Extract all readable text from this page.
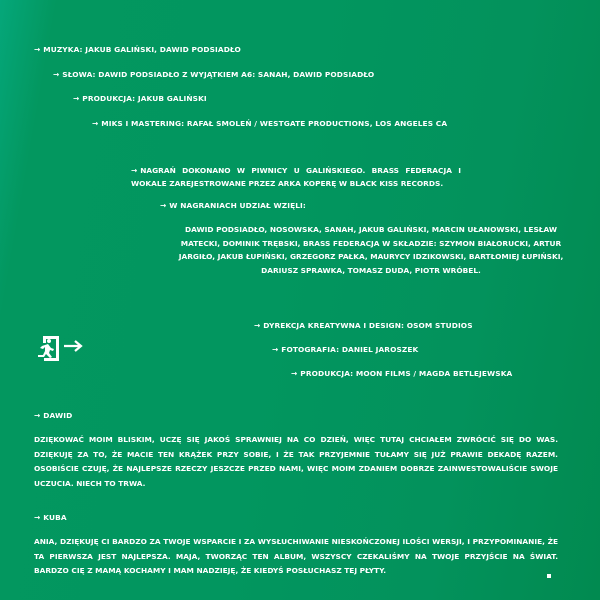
→ MUZYKA: JAKUB GALIŃSKI, DAWID PODSIADŁO
→ SŁOWA: DAWID PODSIADŁO Z WYJĄTKIEM A6: SANAH, DAWID PODSIADŁO
→ PRODUKCJA: JAKUB GALIŃSKI
→ MIKS I MASTERING: RAFAŁ SMOLEŃ / WESTGATE PRODUCTIONS, LOS ANGELES CA
→ NAGRAŃ DOKONANO W PIWNICY U GALIŃSKIEGO. BRASS FEDERACJA I WOKALE ZAREJESTROWANE PRZEZ ARKA KOPERĘ W BLACK KISS RECORDS.
→ W NAGRANIACH UDZIAŁ WZIĘLI:
DAWID PODSIADŁO, NOSOWSKA, SANAH, JAKUB GALIŃSKI, MARCIN UŁANOWSKI, LESŁAW MATECKI, DOMINIK TRĘBSKI, BRASS FEDERACJA W SKŁADZIE: SZYMON BIAŁORUCKI, ARTUR JARGIŁO, JAKUB ŁUPIŃSKI, GRZEGORZ PAŁKA, MAURYCY IDZIKOWSKI, BARTŁOMIEJ ŁUPIŃSKI, DARIUSZ SPRAWKA, TOMASZ DUDA, PIOTR WRÓBEL.
→ DYREKCJA KREATYWNA I DESIGN: OSOM STUDIOS
→ FOTOGRAFIA: DANIEL JAROSZEK
→ PRODUKCJA: MOON FILMS / MAGDA BETLEJEWSKA
→ DAWID
DZIĘKOWAĆ MOIM BLISKIM, UCZĘ SIĘ JAKOŚ SPRAWNIEJ NA CO DZIEŃ, WIĘC TUTAJ CHCIAŁEM ZWRÓCIĆ SIĘ DO WAS. DZIĘKUJĘ ZA TO, ŻE MACIE TEN KRĄŻEK PRZY SOBIE, I ŻE TAK PRZYJEMNIE TUŁAMY SIĘ JUŻ PRAWIE DEKADĘ RAZEM. OSOBIŚCIE CZUJĘ, ŻE NAJLEPSZE RZECZY JESZCZE PRZED NAMI, WIĘC MOIM ZDANIEM DOBRZE ZAINWESTOWALIŚCIE SWOJE UCZUCIA. NIECH TO TRWA.
→ KUBA
ANIA, DZIĘKUJĘ CI BARDZO ZA TWOJE WSPARCIE I ZA WYSŁUCHIWANIE NIESKOŃCZONEJ ILOŚCI WERSJI, I PRZYPOMINANIE, ŻE TA PIERWSZA JEST NAJLEPSZA. MAJA, TWORZĄC TEN ALBUM, WSZYSCY CZEKALIŚMY NA TWOJE PRZYJŚCIE NA ŚWIAT. BARDZO CIĘ Z MAMĄ KOCHAMY I MAM NADZIEJĘ, ŻE KIEDYŚ POSŁUCHASZ TEJ PŁYTY.
